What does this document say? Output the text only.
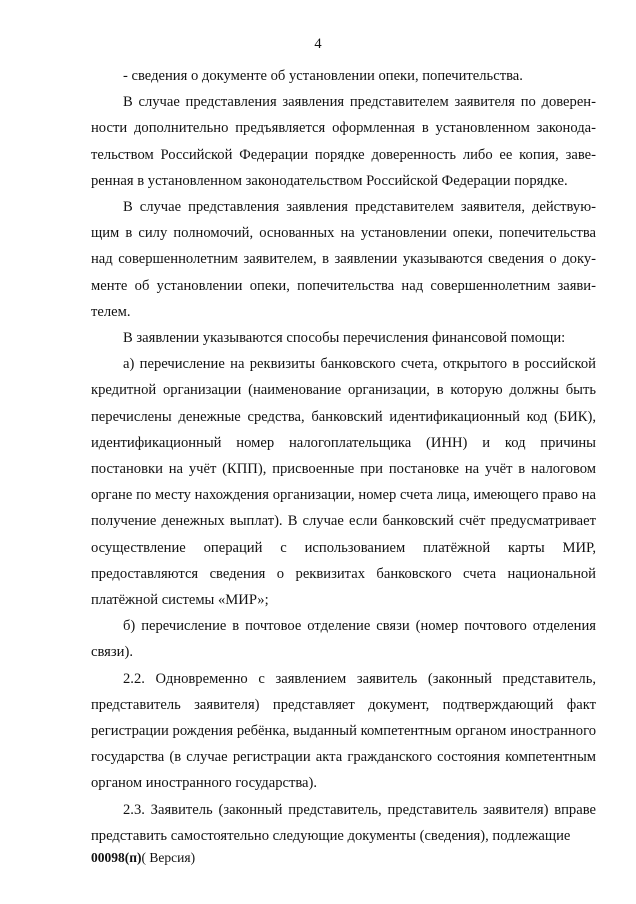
4

- сведения о документе об установлении опеки, попечительства.

В случае представления заявления представителем заявителя по доверенности дополнительно предъявляется оформленная в установленном законодательством Российской Федерации порядке доверенность либо ее копия, заверенная в установленном законодательством Российской Федерации порядке.

В случае представления заявления представителем заявителя, действующим в силу полномочий, основанных на установлении опеки, попечительства над совершеннолетним заявителем, в заявлении указываются сведения о документе об установлении опеки, попечительства над совершеннолетним заявителем.

В заявлении указываются способы перечисления финансовой помощи:

а) перечисление на реквизиты банковского счета, открытого в российской кредитной организации (наименование организации, в которую должны быть перечислены денежные средства, банковский идентификационный код (БИК), идентификационный номер налогоплательщика (ИНН) и код причины постановки на учёт (КПП), присвоенные при постановке на учёт в налоговом органе по месту нахождения организации, номер счета лица, имеющего право на получение денежных выплат). В случае если банковский счёт предусматривает осуществление операций с использованием платёжной карты МИР, предоставляются сведения о реквизитах банковского счета национальной платёжной системы «МИР»;

б) перечисление в почтовое отделение связи (номер почтового отделения связи).

2.2. Одновременно с заявлением заявитель (законный представитель, представитель заявителя) представляет документ, подтверждающий факт регистрации рождения ребёнка, выданный компетентным органом иностранного государства (в случае регистрации акта гражданского состояния компетентным органом иностранного государства).

2.3. Заявитель (законный представитель, представитель заявителя) вправе представить самостоятельно следующие документы (сведения), подлежащие

00098(п)( Версия)
